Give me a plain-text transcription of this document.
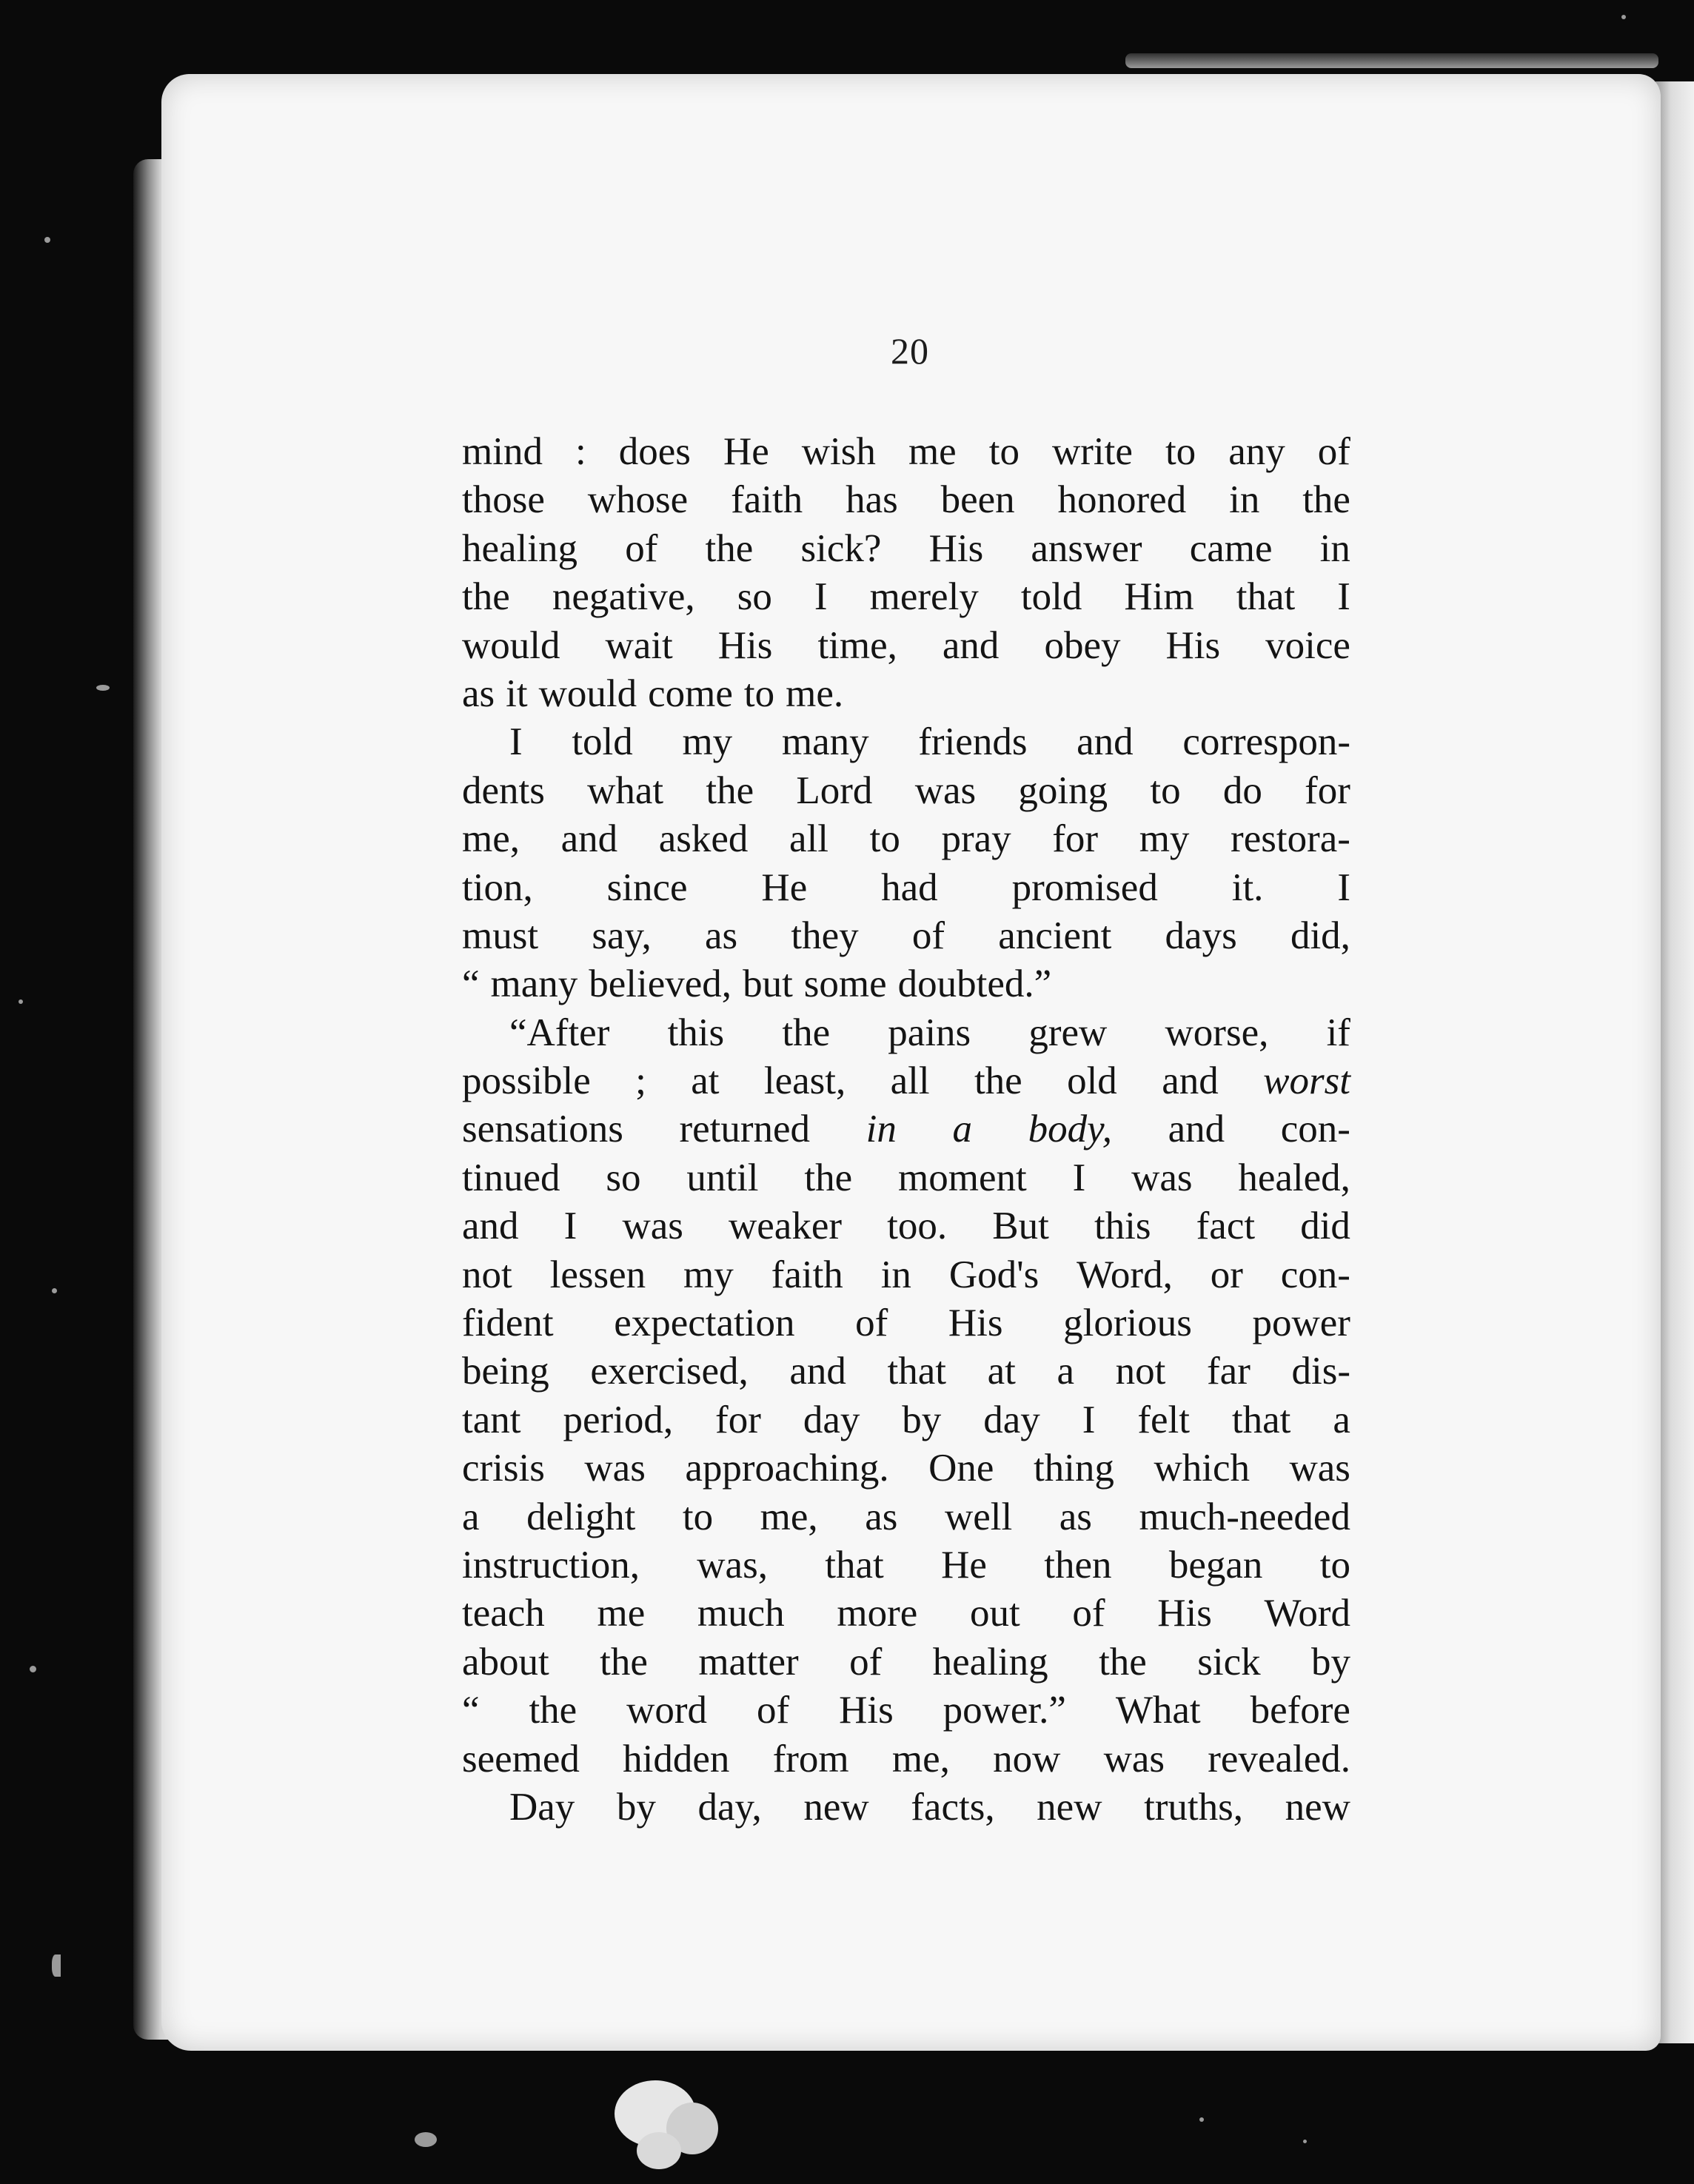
20
mind : does He wish me to write to any of
those whose faith has been honored in the
healing of the sick? His answer came in
the negative, so I merely told Him that I
would wait His time, and obey His voice
as it would come to me.
I told my many friends and correspon-
dents what the Lord was going to do for
me, and asked all to pray for my restora-
tion, since He had promised it. I
must say, as they of ancient days did,
“ many believed, but some doubted.”
“After this the pains grew worse, if
possible ; at least, all the old and worst
sensations returned in a body, and con-
tinued so until the moment I was healed,
and I was weaker too. But this fact did
not lessen my faith in God's Word, or con-
fident expectation of His glorious power
being exercised, and that at a not far dis-
tant period, for day by day I felt that a
crisis was approaching. One thing which was
a delight to me, as well as much-needed
instruction, was, that He then began to
teach me much more out of His Word
about the matter of healing the sick by
“ the word of His power.” What before
seemed hidden from me, now was revealed.
Day by day, new facts, new truths, new
